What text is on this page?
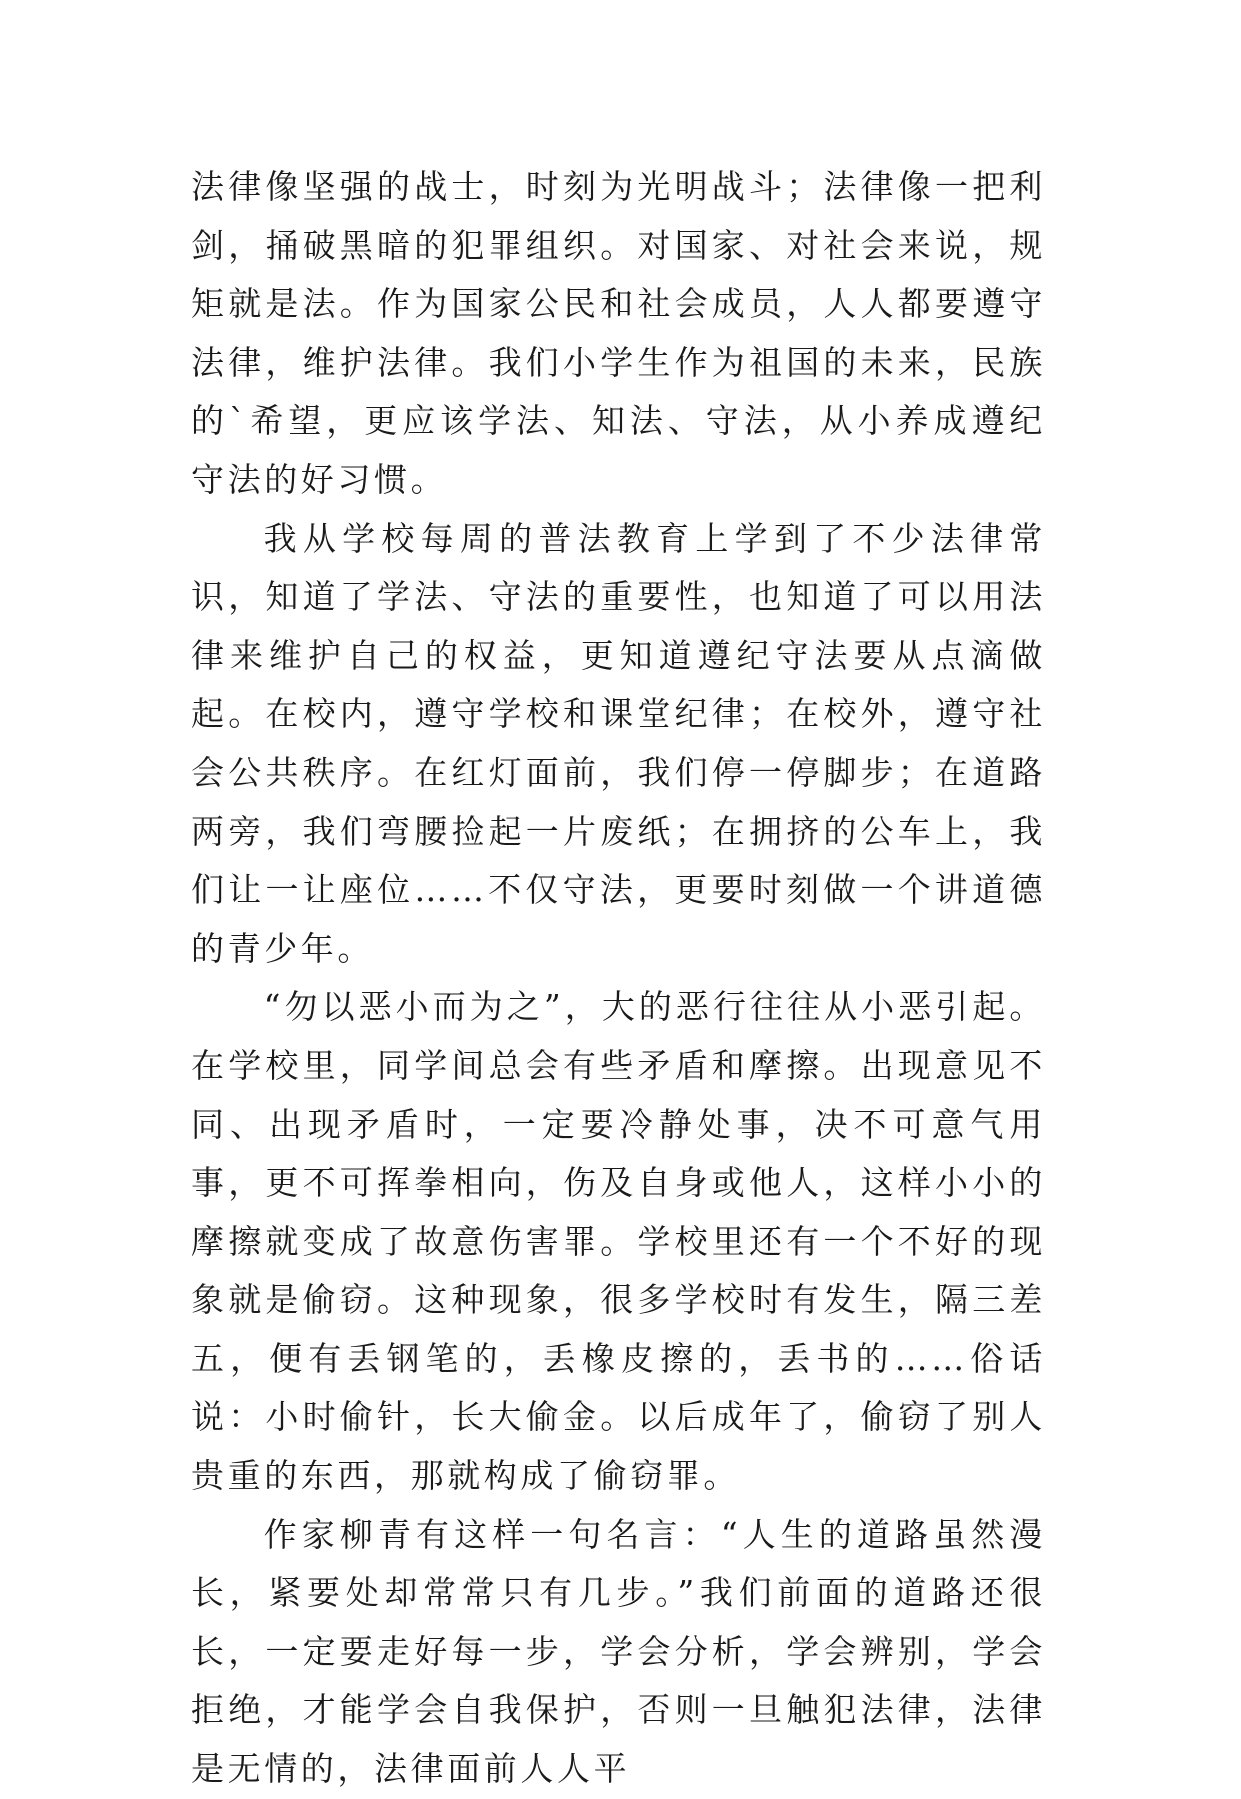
法律像坚强的战士，时刻为光明战斗；法律像一把利剑，捅破黑暗的犯罪组织。对国家、对社会来说，规矩就是法。作为国家公民和社会成员，人人都要遵守法律，维护法律。我们小学生作为祖国的未来，民族的`希望，更应该学法、知法、守法，从小养成遵纪守法的好习惯。

我从学校每周的普法教育上学到了不少法律常识，知道了学法、守法的重要性，也知道了可以用法律来维护自己的权益，更知道遵纪守法要从点滴做起。在校内，遵守学校和课堂纪律；在校外，遵守社会公共秩序。在红灯面前，我们停一停脚步；在道路两旁，我们弯腰捡起一片废纸；在拥挤的公车上，我们让一让座位……不仅守法，更要时刻做一个讲道德的青少年。

“勿以恶小而为之”，大的恶行往往从小恶引起。在学校里，同学间总会有些矛盾和摩擦。出现意见不同、出现矛盾时，一定要冷静处事，决不可意气用事，更不可挥拳相向，伤及自身或他人，这样小小的摩擦就变成了故意伤害罪。学校里还有一个不好的现象就是偷窃。这种现象，很多学校时有发生，隔三差五，便有丢钢笔的，丢橡皮擦的，丢书的……俗话说：小时偷针，长大偷金。以后成年了，偷窃了别人贵重的东西，那就构成了偷窃罪。

作家柳青有这样一句名言：“人生的道路虽然漫长，紧要处却常常只有几步。”我们前面的道路还很长，一定要走好每一步，学会分析，学会辨别，学会拒绝，才能学会自我保护，否则一旦触犯法律，法律是无情的，法律面前人人平
